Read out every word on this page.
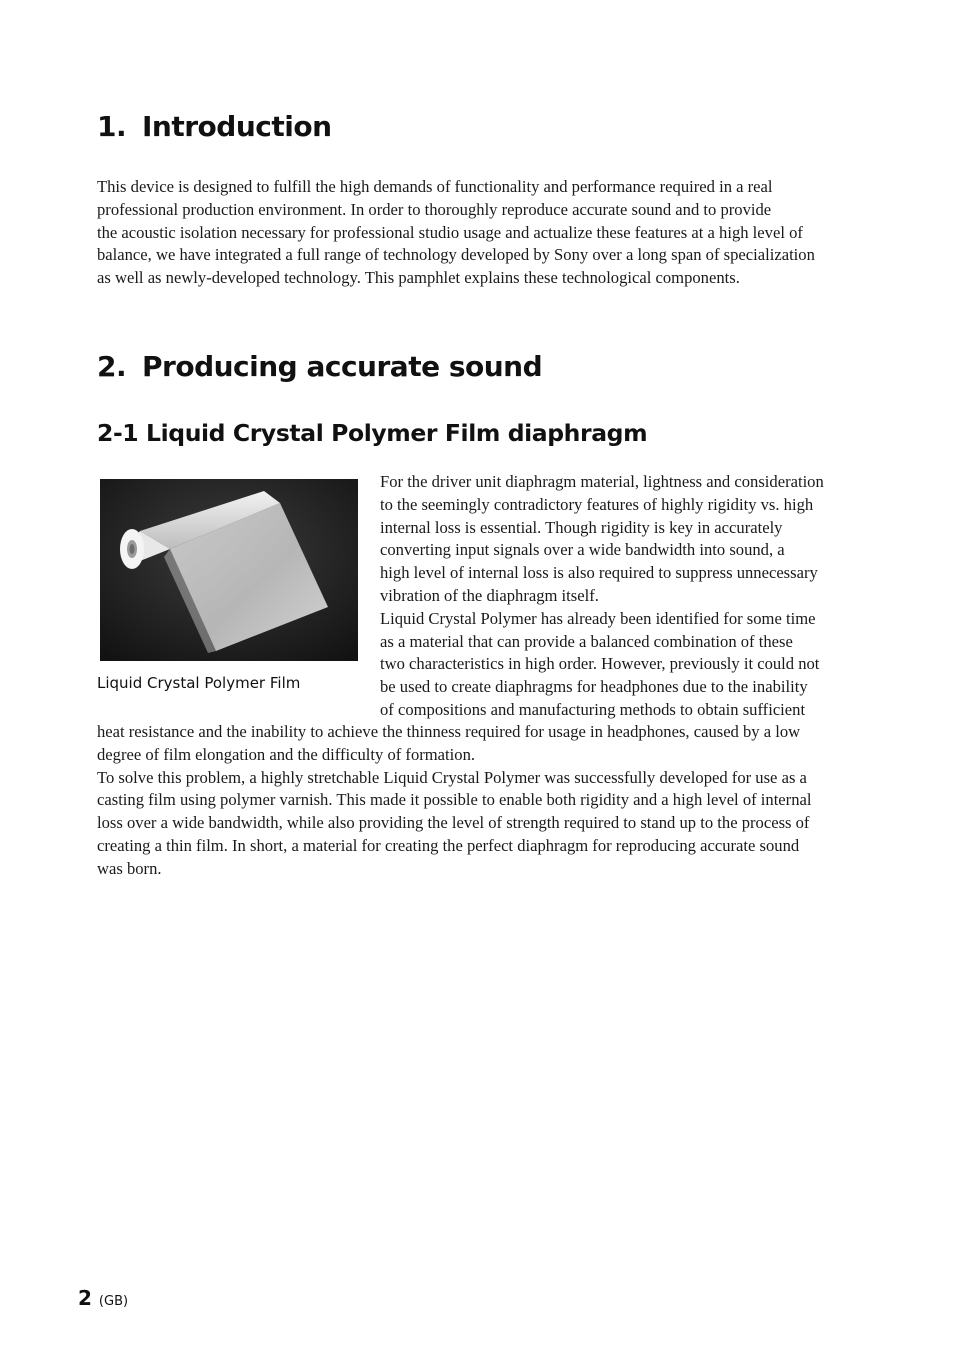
1. Introduction
This device is designed to fulfill the high demands of functionality and performance required in a real
professional production environment. In order to thoroughly reproduce accurate sound and to provide
the acoustic isolation necessary for professional studio usage and actualize these features at a high level of
balance, we have integrated a full range of technology developed by Sony over a long span of specialization
as well as newly-developed technology. This pamphlet explains these technological components.
2. Producing accurate sound
2-1 Liquid Crystal Polymer Film diaphragm
Liquid Crystal Polymer Film
For the driver unit diaphragm material, lightness and consideration
to the seemingly contradictory features of highly rigidity vs. high
internal loss is essential. Though rigidity is key in accurately
converting input signals over a wide bandwidth into sound, a
high level of internal loss is also required to suppress unnecessary
vibration of the diaphragm itself.
Liquid Crystal Polymer has already been identified for some time
as a material that can provide a balanced combination of these
two characteristics in high order. However, previously it could not
be used to create diaphragms for headphones due to the inability
of compositions and manufacturing methods to obtain sufficient
heat resistance and the inability to achieve the thinness required for usage in headphones, caused by a low
degree of film elongation and the difficulty of formation.
To solve this problem, a highly stretchable Liquid Crystal Polymer was successfully developed for use as a
casting film using polymer varnish. This made it possible to enable both rigidity and a high level of internal
loss over a wide bandwidth, while also providing the level of strength required to stand up to the process of
creating a thin film. In short, a material for creating the perfect diaphragm for reproducing accurate sound
was born.
2 (GB)
